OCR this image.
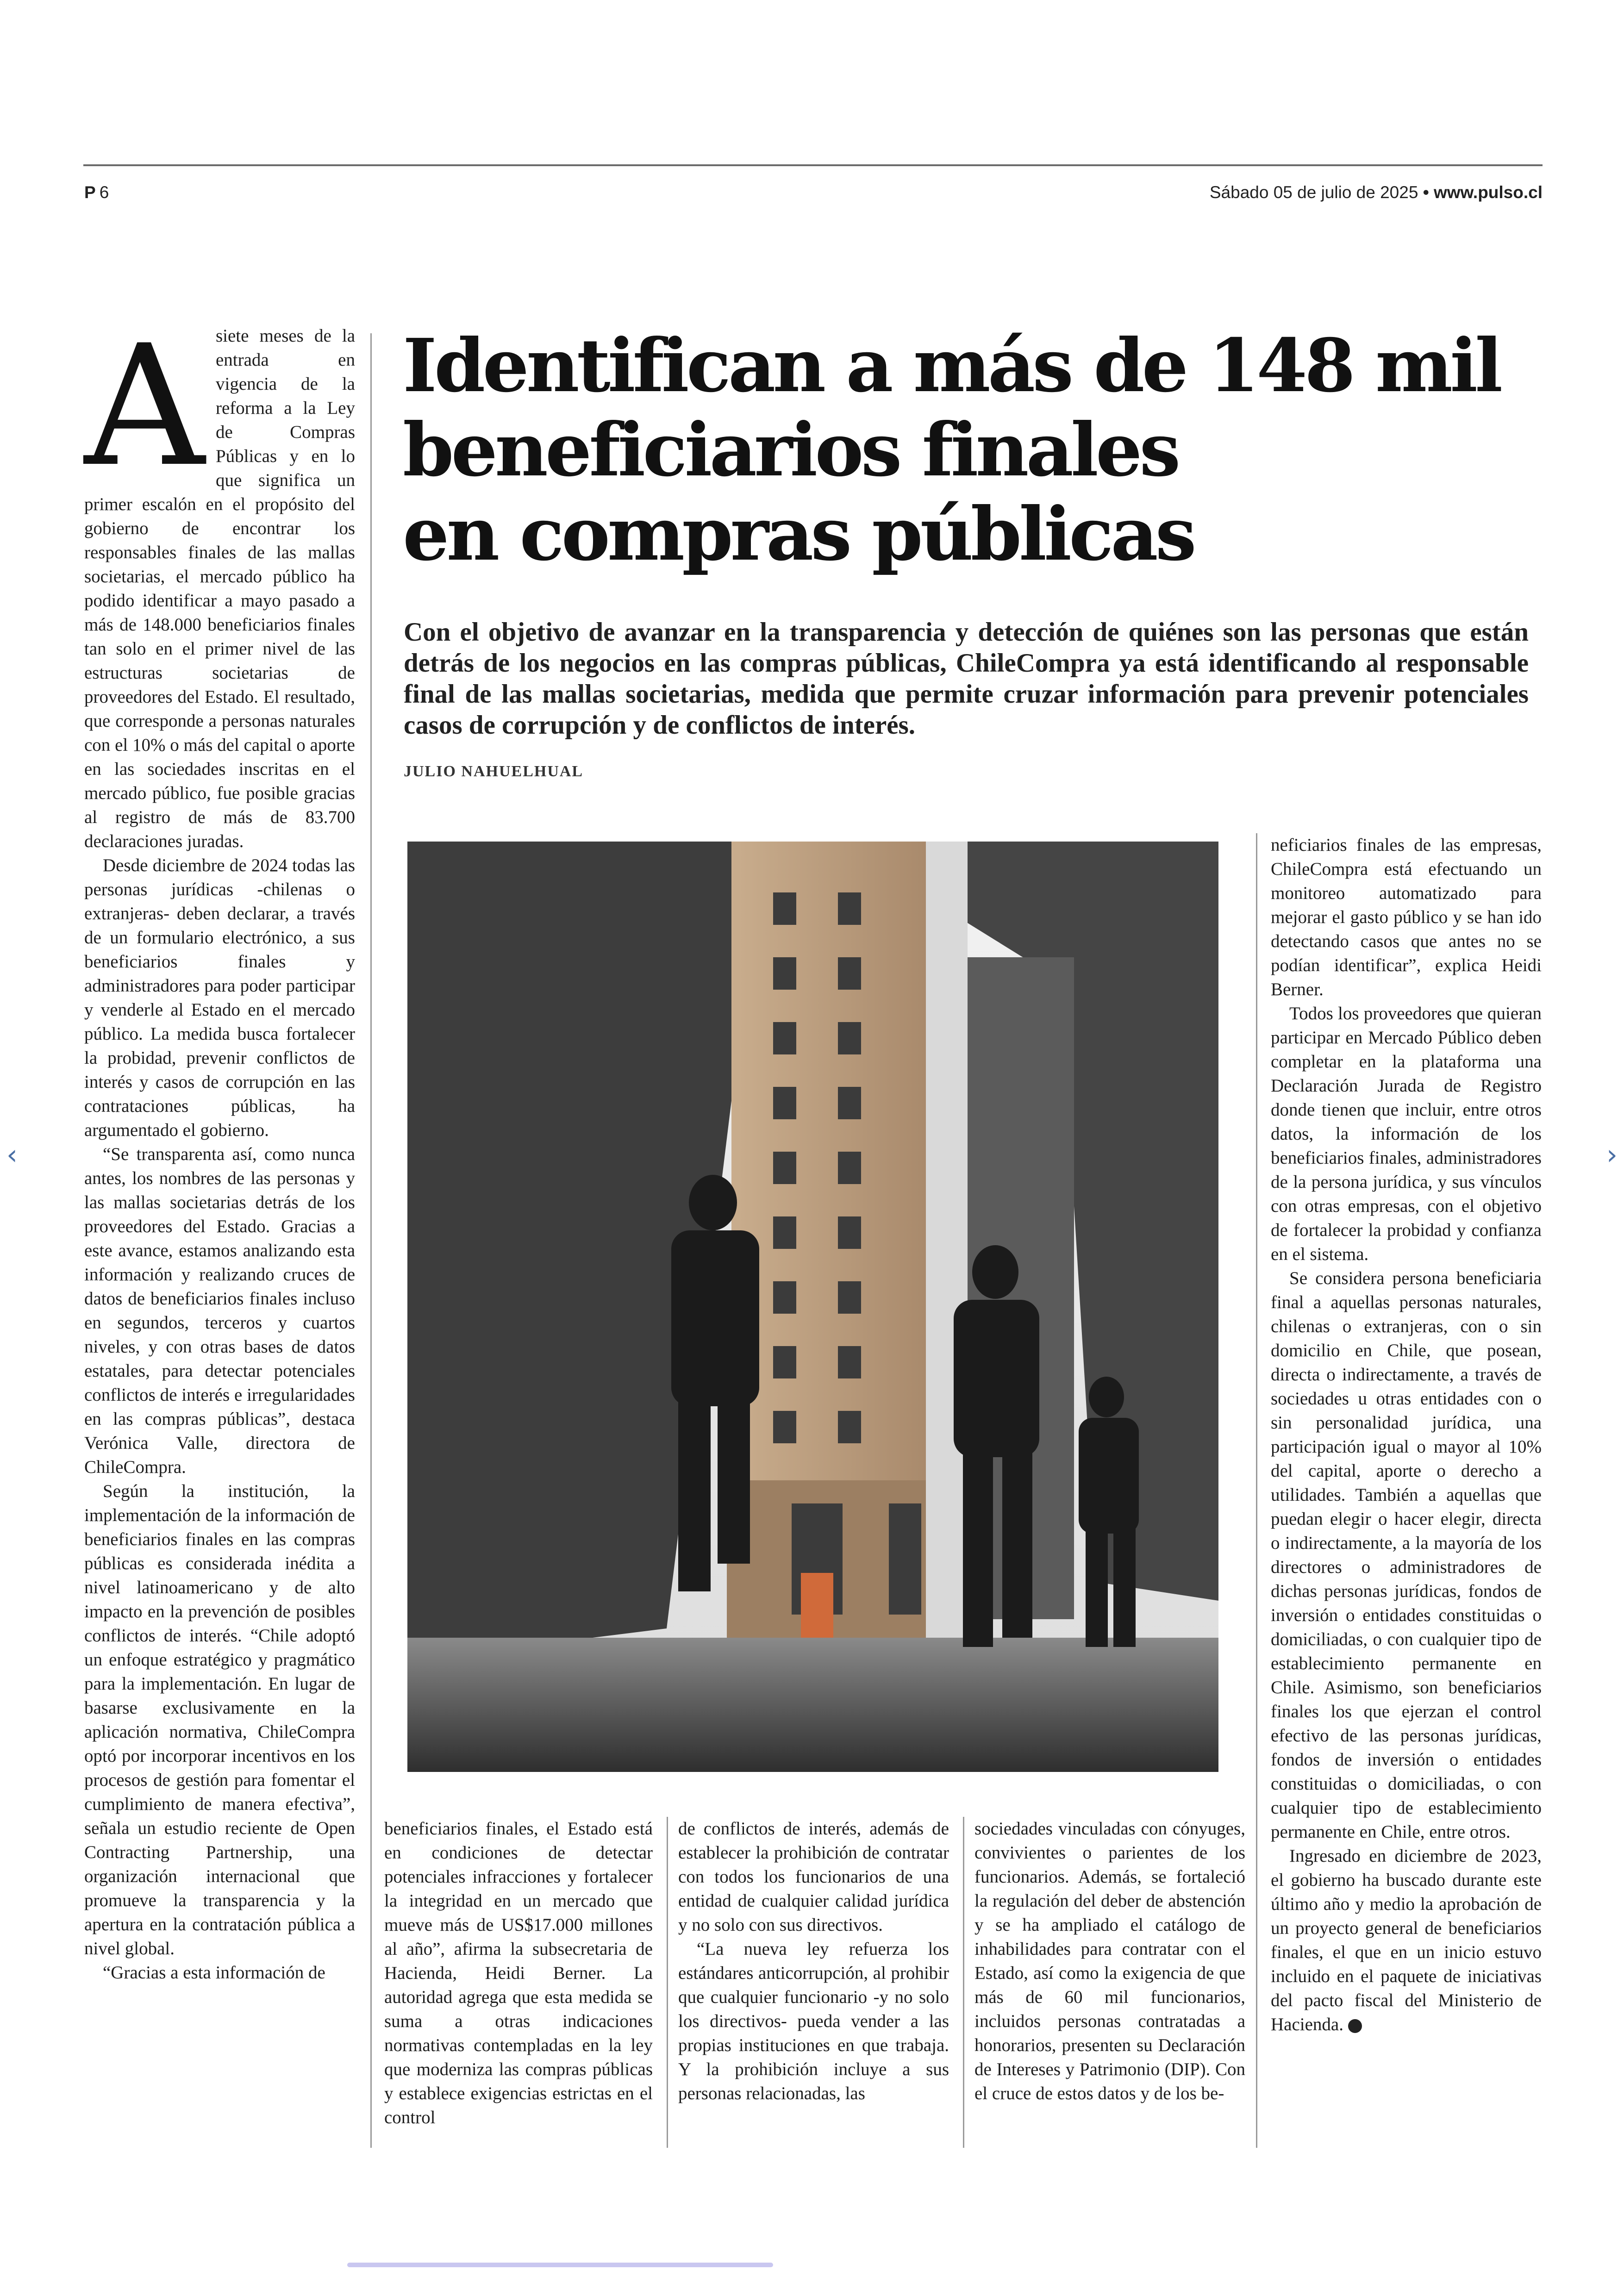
P 6	Sábado 05 de julio de 2025 • www.pulso.cl
Identifican a más de 148 mil
beneficiarios finales
en compras públicas
Con el objetivo de avanzar en la transparencia y detección de quiénes son las personas que están detrás de los negocios en las compras públicas, ChileCompra ya está identificando al responsable final de las mallas societarias, medida que permite cruzar información para prevenir potenciales casos de corrupción y de conflictos de interés.
JULIO NAHUELHUAL

Asiete meses de la entrada en vigencia de la reforma a la Ley de Compras Públicas y en lo que significa un primer escalón en el propósito del gobierno de encontrar los responsables finales de las mallas societarias, el mercado público ha podido identificar a mayo pasado a más de 148.000 beneficiarios finales tan solo en el primer nivel de las estructuras societarias de proveedores del Estado. El resultado, que corresponde a personas naturales con el 10% o más del capital o aporte en las sociedades inscritas en el mercado público, fue posible gracias al registro de más de 83.700 declaraciones juradas.

Desde diciembre de 2024 todas las personas jurídicas -chilenas o extranjeras- deben declarar, a través de un formulario electrónico, a sus beneficiarios finales y administradores para poder participar y venderle al Estado en el mercado público. La medida busca fortalecer la probidad, prevenir conflictos de interés y casos de corrupción en las contrataciones públicas, ha argumentado el gobierno.

“Se transparenta así, como nunca antes, los nombres de las personas y las mallas societarias detrás de los proveedores del Estado. Gracias a este avance, estamos analizando esta información y realizando cruces de datos de beneficiarios finales incluso en segundos, terceros y cuartos niveles, y con otras bases de datos estatales, para detectar potenciales conflictos de interés e irregularidades en las compras públicas”, destaca Verónica Valle, directora de ChileCompra.

Según la institución, la implementación de la información de beneficiarios finales en las compras públicas es considerada inédita a nivel latinoamericano y de alto impacto en la prevención de posibles conflictos de interés. “Chile adoptó un enfoque estratégico y pragmático para la implementación. En lugar de basarse exclusivamente en la aplicación normativa, ChileCompra optó por incorporar incentivos en los procesos de gestión para fomentar el cumplimiento de manera efectiva”, señala un estudio reciente de Open Contracting Partnership, una organización internacional que promueve la transparencia y la apertura en la contratación pública a nivel global.

“Gracias a esta información de

beneficiarios finales, el Estado está en condiciones de detectar potenciales infracciones y fortalecer la integridad en un mercado que mueve más de US$17.000 millones al año”, afirma la subsecretaria de Hacienda, Heidi Berner. La autoridad agrega que esta medida se suma a otras indicaciones normativas contempladas en la ley que moderniza las compras públicas y establece exigencias estrictas en el control

de conflictos de interés, además de establecer la prohibición de contratar con todos los funcionarios de una entidad de cualquier calidad jurídica y no solo con sus directivos.

“La nueva ley refuerza los estándares anticorrupción, al prohibir que cualquier funcionario -y no solo los directivos- pueda vender a las propias instituciones en que trabaja. Y la prohibición incluye a sus personas relacionadas, las

sociedades vinculadas con cónyuges, convivientes o parientes de los funcionarios. Además, se fortaleció la regulación del deber de abstención y se ha ampliado el catálogo de inhabilidades para contratar con el Estado, así como la exigencia de que más de 60 mil funcionarios, incluidos personas contratadas a honorarios, presenten su Declaración de Intereses y Patrimonio (DIP). Con el cruce de estos datos y de los be-

neficiarios finales de las empresas, ChileCompra está efectuando un monitoreo automatizado para mejorar el gasto público y se han ido detectando casos que antes no se podían identificar”, explica Heidi Berner.

Todos los proveedores que quieran participar en Mercado Público deben completar en la plataforma una Declaración Jurada de Registro donde tienen que incluir, entre otros datos, la información de los beneficiarios finales, administradores de la persona jurídica, y sus vínculos con otras empresas, con el objetivo de fortalecer la probidad y confianza en el sistema.

Se considera persona beneficiaria final a aquellas personas naturales, chilenas o extranjeras, con o sin domicilio en Chile, que posean, directa o indirectamente, a través de sociedades u otras entidades con o sin personalidad jurídica, una participación igual o mayor al 10% del capital, aporte o derecho a utilidades. También a aquellas que puedan elegir o hacer elegir, directa o indirectamente, a la mayoría de los directores o administradores de dichas personas jurídicas, fondos de inversión o entidades constituidas o domiciliadas, o con cualquier tipo de establecimiento permanente en Chile. Asimismo, son beneficiarios finales los que ejerzan el control efectivo de las personas jurídicas, fondos de inversión o entidades constituidas o domiciliadas, o con cualquier tipo de establecimiento permanente en Chile, entre otros.

Ingresado en diciembre de 2023, el gobierno ha buscado durante este último año y medio la aprobación de un proyecto general de beneficiarios finales, el que en un inicio estuvo incluido en el paquete de iniciativas del pacto fiscal del Ministerio de Hacienda. P

‹	›
